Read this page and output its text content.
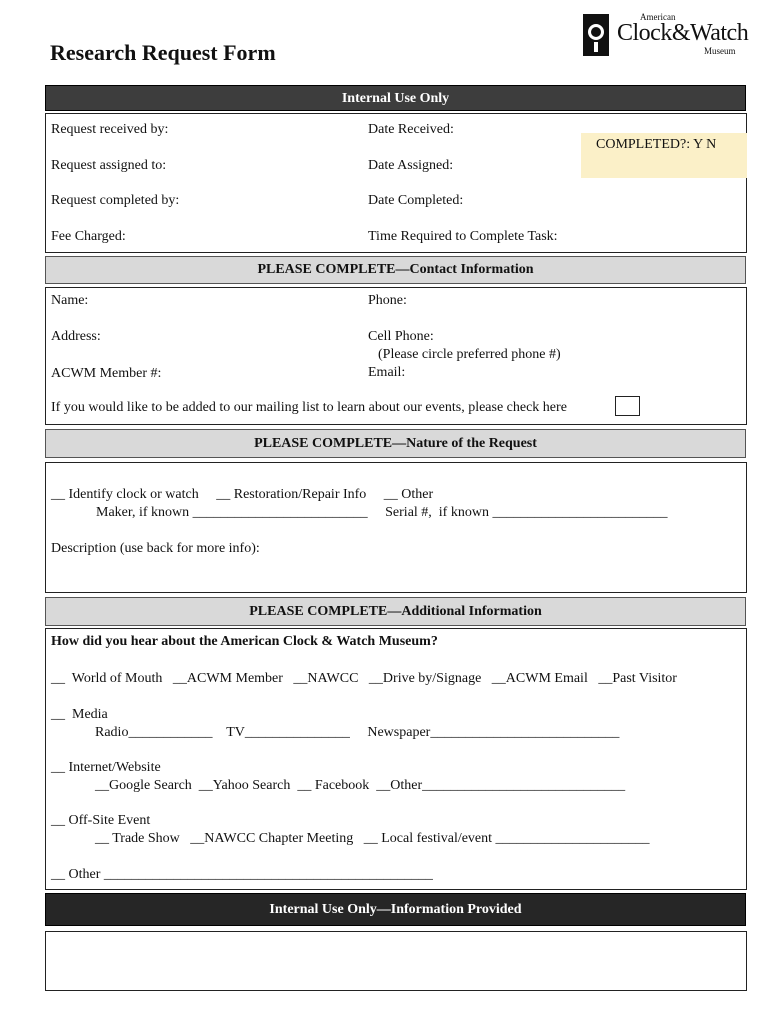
Research Request Form
American
Clock&Watch
Museum
Internal Use Only
COMPLETED?: Y N
Request received by:
Request assigned to:
Request completed by:
Fee Charged:
Date Received:
Date Assigned:
Date Completed:
Time Required to Complete Task:
PLEASE COMPLETE—Contact Information
Name:
Address:
ACWM Member #:
Phone:
Cell Phone:
(Please circle preferred phone #)
Email:
If you would like to be added to our mailing list to learn about our events, please check here
PLEASE COMPLETE—Nature of the Request
__ Identify clock or watch     __ Restoration/Repair Info     __ Other
Maker, if known _________________________     Serial #,  if known _________________________
Description (use back for more info):
PLEASE COMPLETE—Additional Information
How did you hear about the American Clock & Watch Museum?
__  World of Mouth   __ACWM Member   __NAWCC   __Drive by/Signage   __ACWM Email   __Past Visitor
__  Media
Radio____________    TV_______________     Newspaper___________________________
__ Internet/Website
__Google Search  __Yahoo Search  __ Facebook  __Other_____________________________
__ Off-Site Event
__ Trade Show   __NAWCC Chapter Meeting   __ Local festival/event ______________________
__ Other _______________________________________________
Internal Use Only—Information Provided
